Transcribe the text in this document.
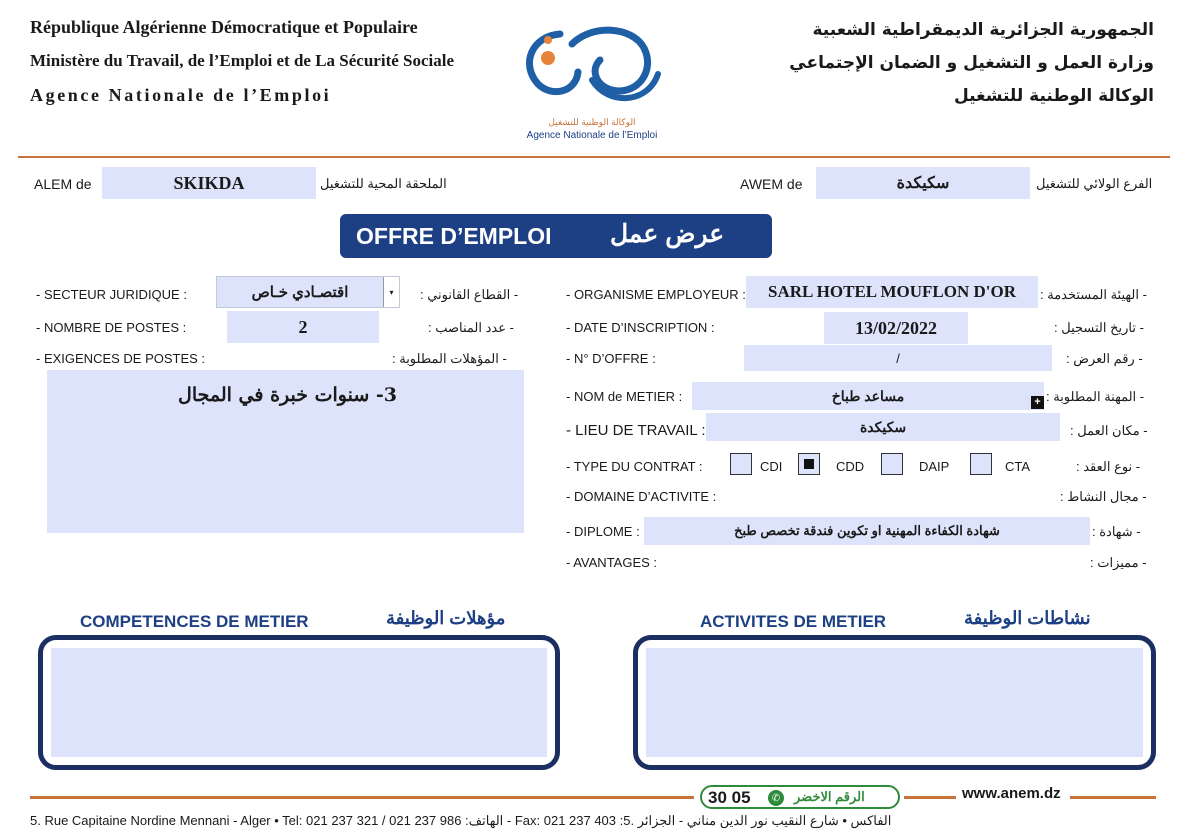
République Algérienne Démocratique et Populaire
Ministère du Travail, de l’Emploi et de La Sécurité Sociale
Agence Nationale de l’Emploi
الوكالة الوطنية للتشغيل
Agence Nationale de l’Emploi
الجمهورية الجزائرية الديمقراطية الشعبية
وزارة العمل و التشغيل و الضمان الإجتماعي
الوكالة الوطنية للتشغيل
ALEM de	SKIKDA	الملحقة المحية للتشغيل	AWEM de	سكيكدة	الفرع الولائي للتشغيل
OFFRE D’EMPLOI عرض عمل
- SECTEUR JURIDIQUE :	اقتصـادي خـاص	▾	- القطاع القانوني :
- NOMBRE DE POSTES :	2	- عدد المناصب :
- EXIGENCES DE POSTES :	- المؤهلات المطلوبة :
3- سنوات خبرة في المجال
- ORGANISME EMPLOYEUR :	SARL HOTEL MOUFLON D'OR	- الهيئة المستخدمة :
- DATE D’INSCRIPTION :	13/02/2022	- تاريخ التسجيل :
- N° D’OFFRE :	/	- رقم العرض :
- NOM de METIER :	مساعد طباخ	+ - المهنة المطلوبة :
- LIEU DE TRAVAIL :	سكيكدة	- مكان العمل :
- TYPE DU CONTRAT :	CDI	CDD	DAIP	CTA	- نوع العقد :
- DOMAINE D’ACTIVITE :	- مجال النشاط :
- DIPLOME :	شهادة الكفاءة المهنية او تكوين فندقة تخصص طبخ	- شهادة :
- AVANTAGES :	- مميزات :
COMPETENCES DE METIER	مؤهلات الوظيفة	ACTIVITES DE METIER	نشاطات الوظيفة
30 05	✆ الرقم الاخضر	www.anem.dz
5. Rue Capitaine Nordine Mennani - Alger • Tel: 021 237 321 / 021 237 986 :الهاتف - Fax: 021 237 403 :الفاكس • شارع النقيب نور الدين مناني - الجزائر .5
